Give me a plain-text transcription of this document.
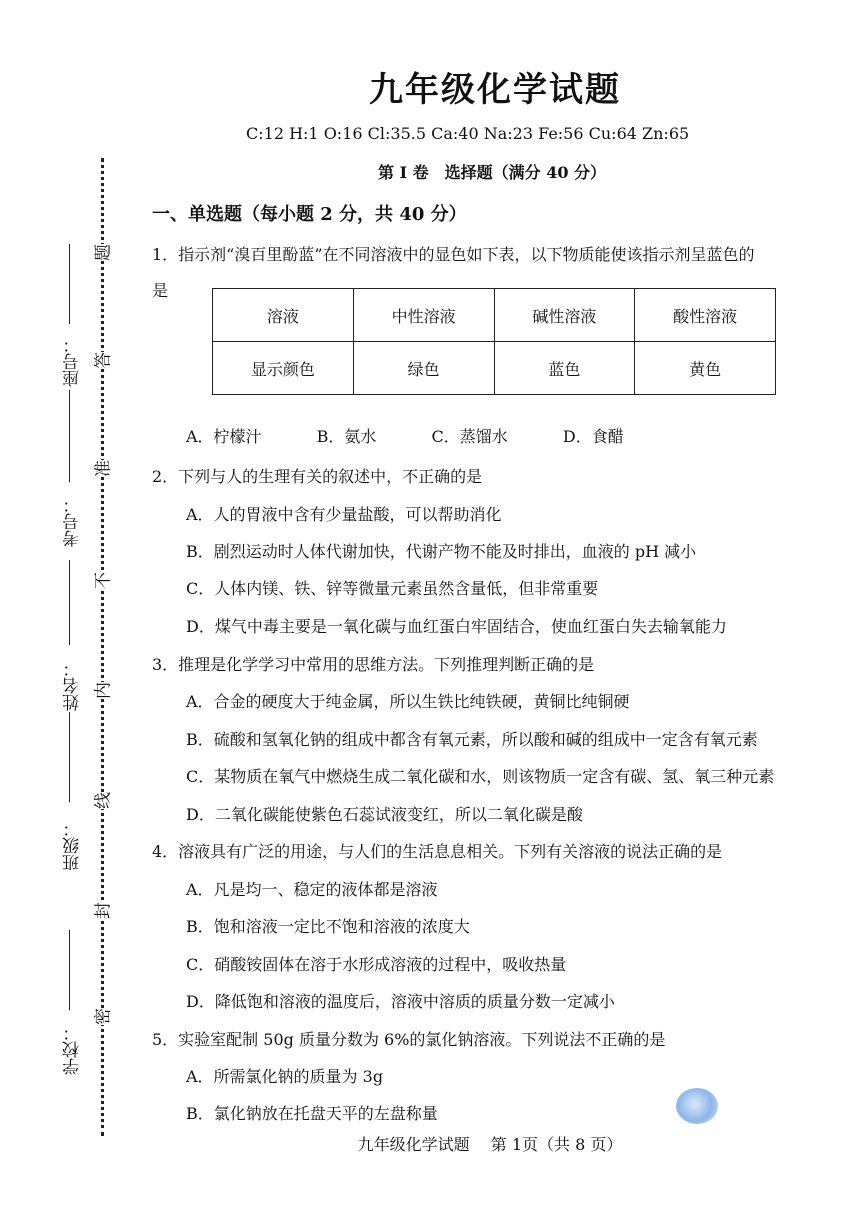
学校：
班级：
姓名：
考号：
座号：
密
封
线
内
不
准
答
题
九年级化学试题
C:12 H:1 O:16 Cl:35.5 Ca:40 Na:23 Fe:56 Cu:64 Zn:65
第 I 卷　选择题（满分 40 分）
一、单选题（每小题 2 分，共 40 分）
1．指示剂“溴百里酚蓝”在不同溶液中的显色如下表，以下物质能使该指示剂呈蓝色的
是
溶液	中性溶液	碱性溶液	酸性溶液
显示颜色	绿色	蓝色	黄色
A．柠檬汁	B．氨水	C．蒸馏水	D．食醋
2．下列与人的生理有关的叙述中，不正确的是
A．人的胃液中含有少量盐酸，可以帮助消化
B．剧烈运动时人体代谢加快，代谢产物不能及时排出，血液的 pH 减小
C．人体内镁、铁、锌等微量元素虽然含量低，但非常重要
D．煤气中毒主要是一氧化碳与血红蛋白牢固结合，使血红蛋白失去输氧能力
3．推理是化学学习中常用的思维方法。下列推理判断正确的是
A．合金的硬度大于纯金属，所以生铁比纯铁硬，黄铜比纯铜硬
B．硫酸和氢氧化钠的组成中都含有氧元素，所以酸和碱的组成中一定含有氧元素
C．某物质在氧气中燃烧生成二氧化碳和水，则该物质一定含有碳、氢、氧三种元素
D．二氧化碳能使紫色石蕊试液变红，所以二氧化碳是酸
4．溶液具有广泛的用途，与人们的生活息息相关。下列有关溶液的说法正确的是
A．凡是均一、稳定的液体都是溶液
B．饱和溶液一定比不饱和溶液的浓度大
C．硝酸铵固体在溶于水形成溶液的过程中，吸收热量
D．降低饱和溶液的温度后，溶液中溶质的质量分数一定减小
5．实验室配制 50g 质量分数为 6%的氯化钠溶液。下列说法不正确的是
A．所需氯化钠的质量为 3g
B．氯化钠放在托盘天平的左盘称量
九年级化学试题　 第 1页（共 8 页）
